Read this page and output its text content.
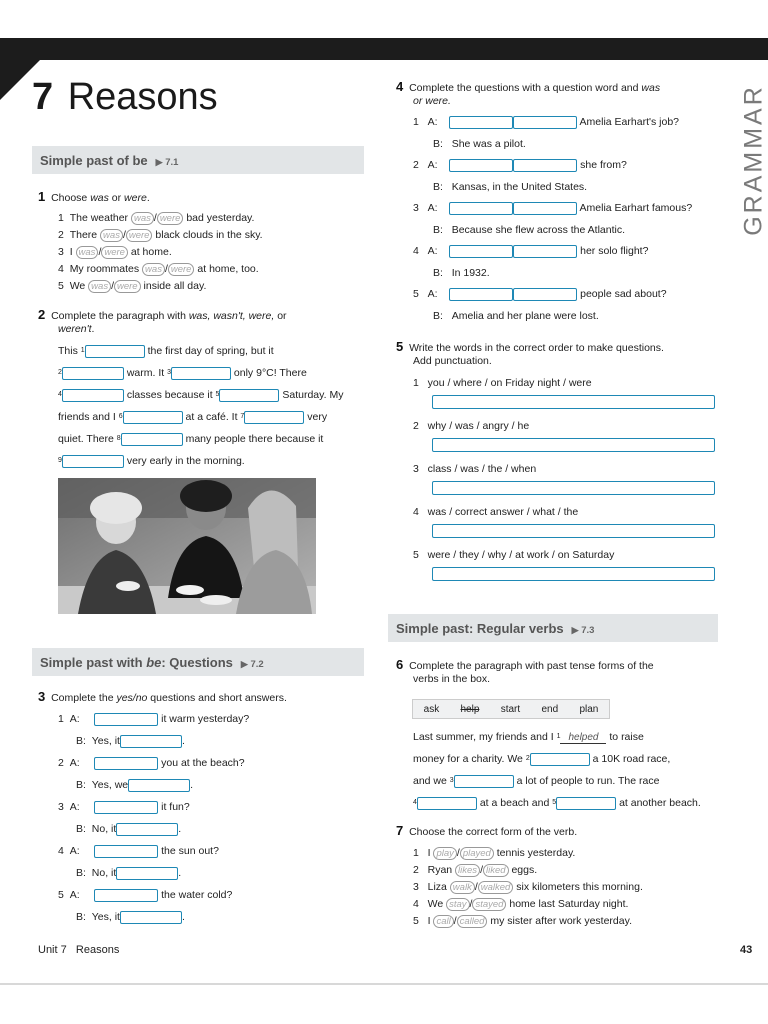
7 Reasons	GRAMMAR
Simple past of be ▶ 7.1
1 Choose was or were.
1 The weather was / were bad yesterday.
2 There was / were black clouds in the sky.
3 I was / were at home.
4 My roommates was / were at home, too.
5 We was / were inside all day.
2 Complete the paragraph with was, wasn't, were, or
weren't.
This $^1$	the first day of spring, but it
$^2$	warm. It $^3$	only 9°C! There
$^4$	classes because it $^5$	Saturday. My
friends and I $^6$	at a café. It $^7$	very
quiet. There $^8$	many people there because it
$^9$	very early in the morning.
Simple past with be: Questions ▶ 7.2
3 Complete the yes/no questions and short answers.
1 A:	it warm yesterday?
B: Yes, it	.
2 A:	you at the beach?
B: Yes, we	.
3 A:	it fun?
B: No, it	.
4 A:	the sun out?
B: No, it	.
5 A:	the water cold?
B: Yes, it	.
4 Complete the questions with a question word and was
or were.
1 A:	Amelia Earhart's job?
B: She was a pilot.
2 A:	she from?
B: Kansas, in the United States.
3 A:	Amelia Earhart famous?
B: Because she flew across the Atlantic.
4 A:	her solo flight?
B: In 1932.
5 A:	people sad about?
B: Amelia and her plane were lost.
5 Write the words in the correct order to make questions.
Add punctuation.
1 you / where / on Friday night / were
2 why / was / angry / he
3 class / was / the / when
4 was / correct answer / what / the
5 were / they / why / at work / on Saturday
Simple past: Regular verbs ▶ 7.3
6 Complete the paragraph with past tense forms of the
verbs in the box.
ask help start end plan
Last summer, my friends and I $^1$ helped to raise
money for a charity. We $^2$	a 10K road race,
and we $^3$	a lot of people to run. The race
$^4$	at a beach and $^5$	at another beach.
7 Choose the correct form of the verb.
1 I play / played tennis yesterday.
2 Ryan likes / liked eggs.
3 Liza walk / walked six kilometers this morning.
4 We stay / stayed home last Saturday night.
5 I call / called my sister after work yesterday.
Unit 7 Reasons	43
